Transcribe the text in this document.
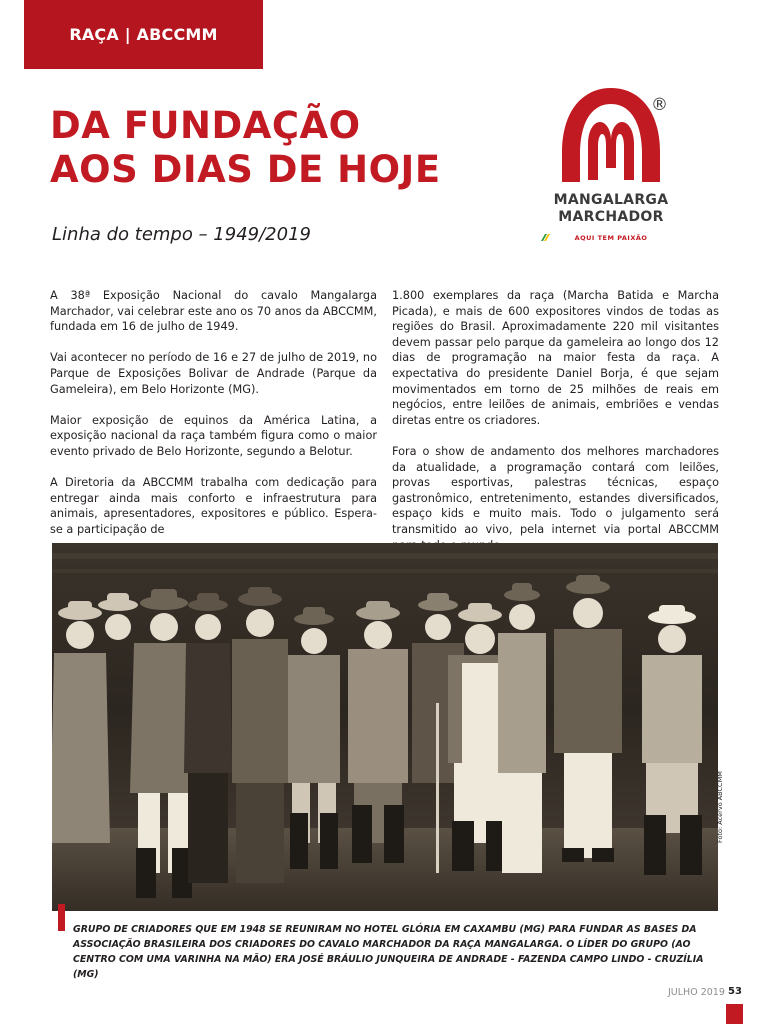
RAÇA | ABCCMM
DA FUNDAÇÃO
AOS DIAS DE HOJE
Linha do tempo – 1949/2019
®
MANGALARGA
MARCHADOR
AQUI TEM PAIXÃO

A 38ª Exposição Nacional do cavalo Mangalarga Marchador, vai celebrar este ano os 70 anos da ABCCMM, fundada em 16 de julho de 1949.

Vai acontecer no período de 16 e 27 de julho de 2019, no Parque de Exposições Bolivar de Andrade (Parque da Gameleira), em Belo Horizonte (MG).

Maior exposição de equinos da América Latina, a exposição nacional da raça também figura como o maior evento privado de Belo Horizonte, segundo a Belotur.

A Diretoria da ABCCMM trabalha com dedicação para entregar ainda mais conforto e infraestrutura para animais, apresentadores, expositores e público. Espera-se a participação de

1.800 exemplares da raça (Marcha Batida e Marcha Picada), e mais de 600 expositores vindos de todas as regiões do Brasil. Aproximadamente 220 mil visitantes devem passar pelo parque da gameleira ao longo dos 12 dias de programação na maior festa da raça. A expectativa do presidente Daniel Borja, é que sejam movimentados em torno de 25 milhões de reais em negócios, entre leilões de animais, embriões e vendas diretas entre os criadores.

Fora o show de andamento dos melhores marchadores da atualidade, a programação contará com leilões, provas esportivas, palestras técnicas, espaço gastronômico, entretenimento, estandes diversificados, espaço kids e muito mais. Todo o julgamento será transmitido ao vivo, pela internet via portal ABCCMM

Foto: Acervo ABCCMM
GRUPO DE CRIADORES QUE EM 1948 SE REUNIRAM NO HOTEL GLÓRIA EM CAXAMBU (MG) PARA FUNDAR AS BASES DA ASSOCIAÇÃO BRASILEIRA DOS CRIADORES DO CAVALO MARCHADOR DA RAÇA MANGALARGA. O LÍDER DO GRUPO (AO CENTRO COM UMA VARINHA NA MÃO) ERA JOSÉ BRÁULIO JUNQUEIRA DE ANDRADE - FAZENDA CAMPO LINDO - CRUZÍLIA (MG)
JULHO 2019 53
